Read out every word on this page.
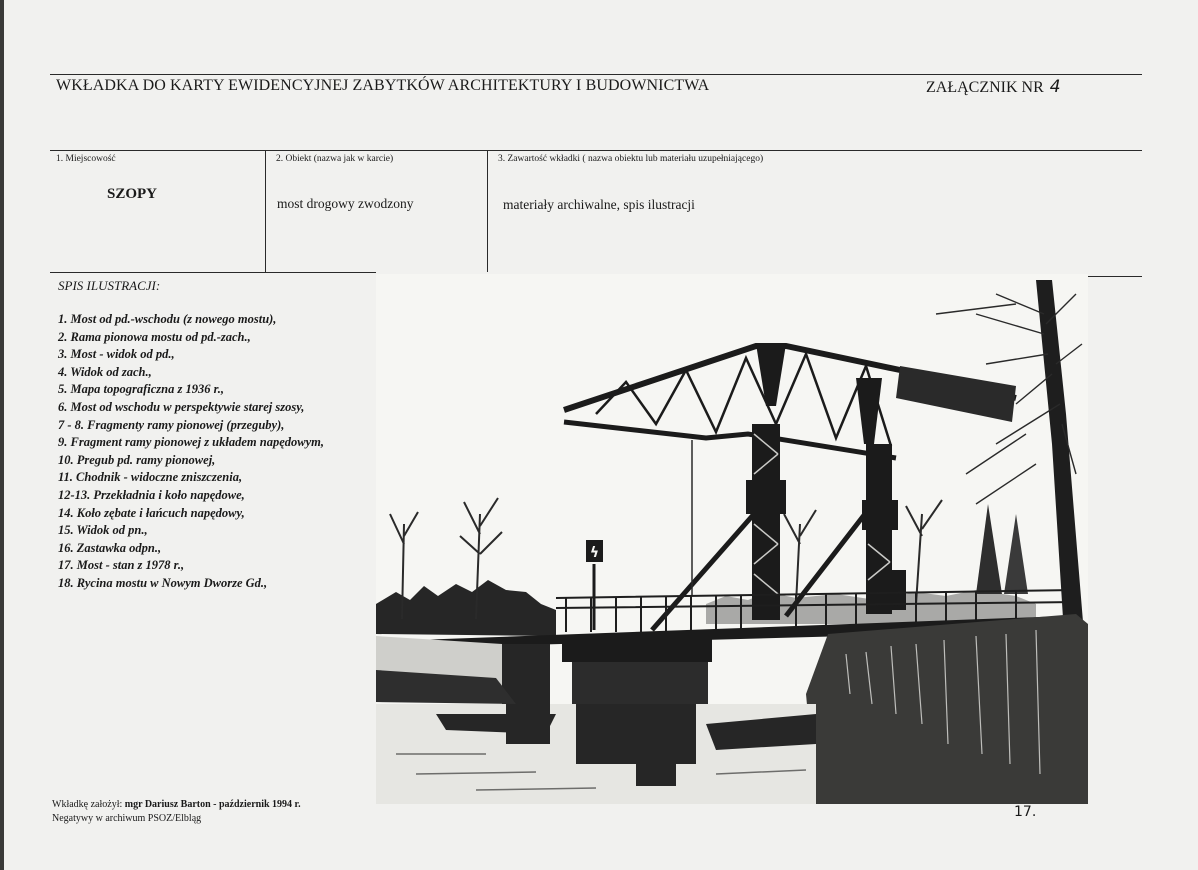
WKŁADKA DO KARTY EWIDENCYJNEJ ZABYTKÓW ARCHITEKTURY I BUDOWNICTWA	ZAŁĄCZNIK NR 4
1. Miejscowość
SZOPY
2. Obiekt (nazwa jak w karcie)
most drogowy zwodzony
3. Zawartość wkładki ( nazwa obiektu lub materiału uzupełniającego)
materiały archiwalne, spis ilustracji
SPIS ILUSTRACJI:
1. Most od pd.-wschodu (z nowego mostu),
2. Rama pionowa mostu od pd.-zach.,
3. Most - widok od pd.,
4. Widok od zach.,
5. Mapa topograficzna z 1936 r.,
6. Most od wschodu w perspektywie starej szosy,
7 - 8. Fragmenty ramy pionowej (przeguby),
9. Fragment ramy pionowej z układem napędowym,
10. Pregub pd. ramy pionowej,
11. Chodnik - widoczne zniszczenia,
12-13. Przekładnia i koło napędowe,
14. Koło zębate i łańcuch napędowy,
15. Widok od pn.,
16. Zastawka odpn.,
17. Most - stan z 1978 r.,
18. Rycina mostu w Nowym Dworze Gd.,
ϟ
Wkładkę założył: mgr Dariusz Barton - październik 1994 r.
Negatywy w archiwum PSOZ/Elbląg	17.
